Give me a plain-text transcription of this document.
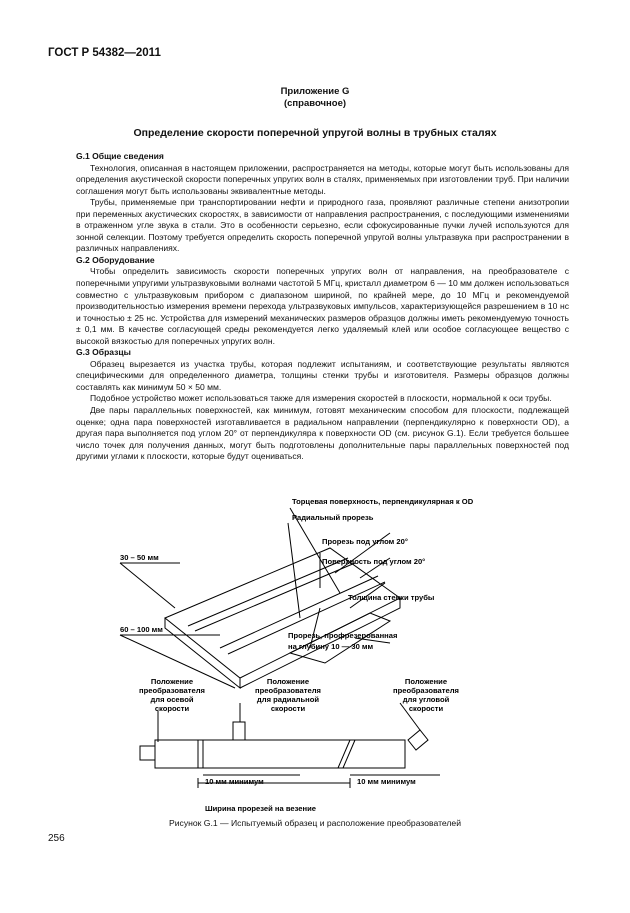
ГОСТ Р 54382—2011
Приложение G
(справочное)
Определение скорости поперечной упругой волны в трубных сталях

G.1 Общие сведения

Технология, описанная в настоящем приложении, распространяется на методы, которые могут быть использованы для определения акустической скорости поперечных упругих волн в сталях, применяемых при изготовлении труб. При наличии соглашения могут быть использованы эквивалентные методы.

Трубы, применяемые при транспортировании нефти и природного газа, проявляют различные степени анизотропии при переменных акустических скоростях, в зависимости от направления распространения, с последующими изменениями в отраженном угле звука в стали. Это в особенности серьезно, если сфокусированные пучки лучей используются для зонной селекции. Поэтому требуется определить скорость поперечной упругой волны ультразвука при распространении в различных направлениях.

G.2 Оборудование

Чтобы определить зависимость скорости поперечных упругих волн от направления, на преобразователе с поперечными упругими ультразвуковыми волнами частотой 5 МГц, кристалл диаметром 6 — 10 мм должен использоваться совместно с ультразвуковым прибором с диапазоном шириной, по крайней мере, до 10 МГц и рекомендуемой производительностью измерения времени перехода ультразвуковых импульсов, характеризующейся разрешением в 10 нс и точностью ± 25 нс. Устройства для измерений механических размеров образцов должны иметь рекомендуемую точность ± 0,1 мм. В качестве согласующей среды рекомендуется легко удаляемый клей или особое согласующее вещество с высокой вязкостью для поперечных упругих волн.

G.3 Образцы

Образец вырезается из участка трубы, которая подлежит испытаниям, и соответствующие результаты являются специфическими для определенного диаметра, толщины стенки трубы и изготовителя. Размеры образцов должны составлять как минимум 50 × 50 мм.

Подобное устройство может использоваться также для измерения скоростей в плоскости, нормальной к оси трубы.

Две пары параллельных поверхностей, как минимум, готовят механическим способом для плоскости, подлежащей оценке; одна пара поверхностей изготавливается в радиальном направлении (перпендикулярно к поверхности OD), а другая пара выполняется под углом 20° от перпендикуляра к поверхности OD (см. рисунок G.1). Если требуется большее число точек для получения данных, могут быть подготовлены дополнительные пары параллельных поверхностей под другими углами к плоскости, которые будут оцениваться.

Торцевая поверхность, перпендикулярная к OD
Радиальный прорезь
Прорезь под углом 20°
Поверхность под углом 20°
Толщина стенки трубы
Прорезь, профрезерованная
на глубину 10 — 30 мм
30 – 50 мм
60 – 100 мм
Положение
преобразователя
для осевой
скорости
Положение
преобразователя
для радиальной
скорости
Положение
преобразователя
для угловой
скорости
10 мм минимум	10 мм минимум
Ширина прорезей на везение
Рисунок G.1 — Испытуемый образец и расположение преобразователей
256
